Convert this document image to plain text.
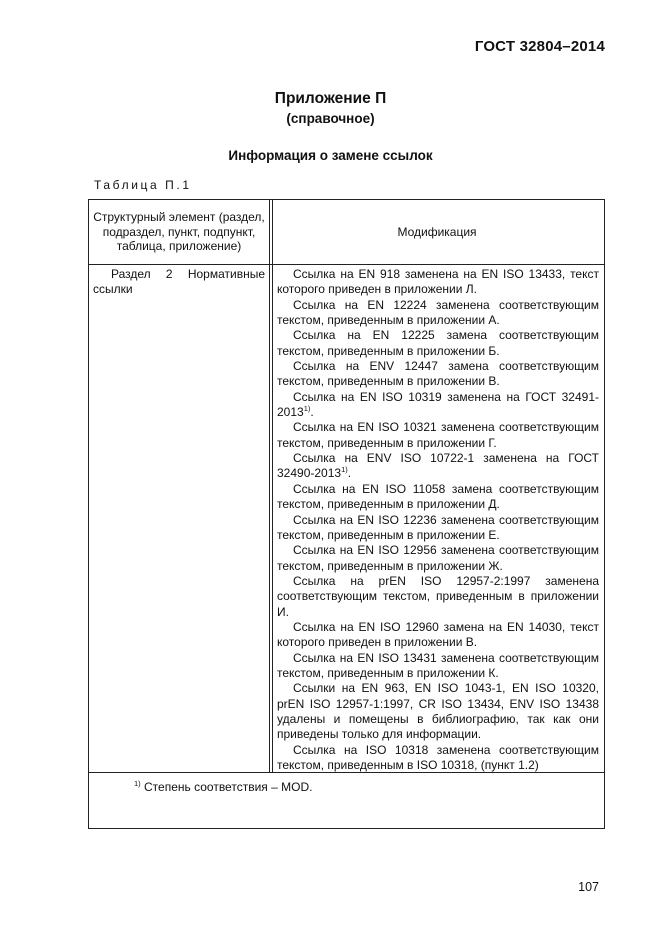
ГОСТ 32804–2014
Приложение П
(справочное)
Информация о замене ссылок
Таблица П.1
Структурный элемент (раздел, подраздел, пункт, подпункт, таблица, приложение)
Модификация
Раздел 2 Нормативные
ссылки

Ссылка на EN 918 заменена на EN ISO 13433, текст которого приведен в приложении Л.

Ссылка на EN 12224 заменена соответствующим текстом, приведенным в приложении А.

Ссылка на EN 12225 замена соответствующим текстом, приведенным в приложении Б.

Ссылка на ENV 12447 замена соответствующим текстом, приведенным в приложении В.

Ссылка на EN ISO 10319 заменена на ГОСТ 32491-2013$^{1)}$.

Ссылка на EN ISO 10321 заменена соответствующим текстом, приведенным в приложении Г.

Ссылка на ENV ISO 10722-1 заменена на ГОСТ 32490-2013$^{1)}$.

Ссылка на EN ISO 11058 замена соответствующим текстом, приведенным в приложении Д.

Ссылка на EN ISO 12236 заменена соответствующим текстом, приведенным в приложении Е.

Ссылка на EN ISO 12956 заменена соответствующим текстом, приведенным в приложении Ж.

Ссылка на prEN ISO 12957-2:1997 заменена соответствующим текстом, приведенным в приложении И.

Ссылка на EN ISO 12960 замена на EN 14030, текст которого приведен в приложении В.

Ссылка на EN ISO 13431 заменена соответствующим текстом, приведенным в приложении К.

Ссылки на EN 963, EN ISO 1043-1, EN ISO 10320, prEN ISO 12957-1:1997, CR ISO 13434, ENV ISO 13438 удалены и помещены в библиографию, так как они приведены только для информации.

Ссылка на ISO 10318 заменена соответствующим текстом, приведенным в ISO 10318, (пункт 1.2)

$^{1)}$ Степень соответствия – MOD.
107
